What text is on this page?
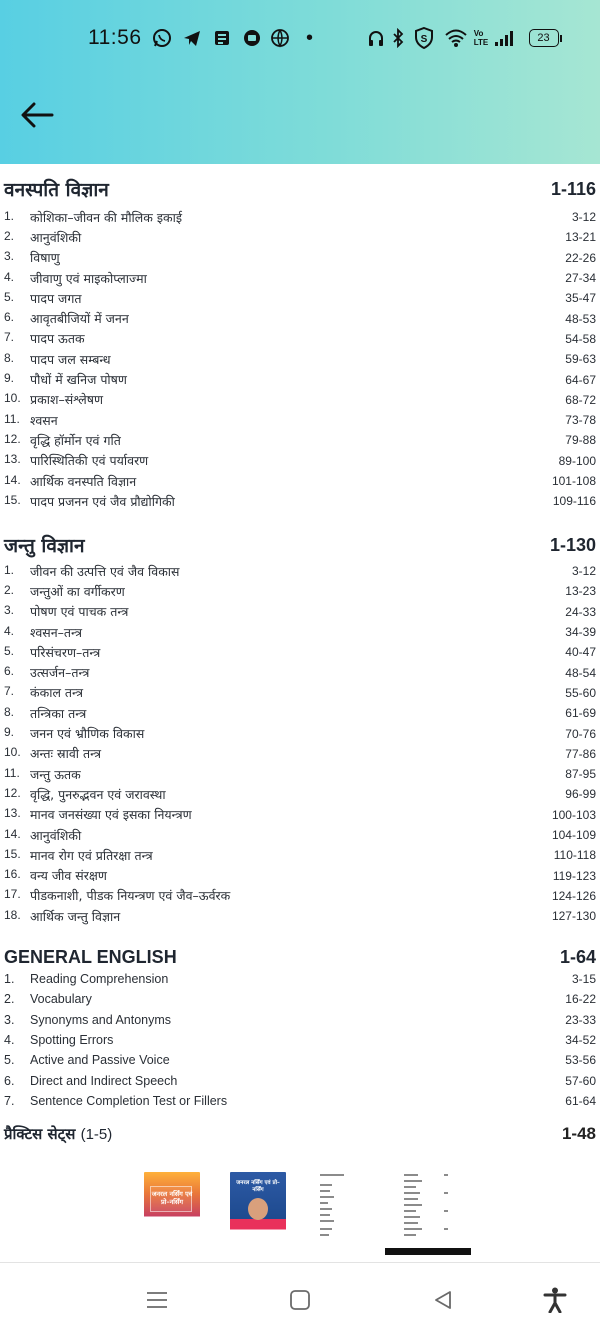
11:56	•	S
Vo LTE	23
वनस्पति विज्ञान	1-116
1.	कोशिका–जीवन की मौलिक इकाई	3-12
2.	आनुवंशिकी	13-21
3.	विषाणु	22-26
4.	जीवाणु एवं माइकोप्लाज्मा	27-34
5.	पादप जगत	35-47
6.	आवृतबीजियों में जनन	48-53
7.	पादप ऊतक	54-58
8.	पादप जल सम्बन्ध	59-63
9.	पौधों में खनिज पोषण	64-67
10. प्रकाश–संश्लेषण	68-72
11. श्वसन	73-78
12. वृद्धि हॉर्मोन एवं गति	79-88
13. पारिस्थितिकी एवं पर्यावरण	89-100
14. आर्थिक वनस्पति विज्ञान	101-108
15. पादप प्रजनन एवं जैव प्रौद्योगिकी	109-116
जन्तु विज्ञान	1-130
1.	जीवन की उत्पत्ति एवं जैव विकास	3-12
2.	जन्तुओं का वर्गीकरण	13-23
3.	पोषण एवं पाचक तन्त्र	24-33
4.	श्वसन–तन्त्र	34-39
5.	परिसंचरण–तन्त्र	40-47
6.	उत्सर्जन–तन्त्र	48-54
7.	कंकाल तन्त्र	55-60
8.	तन्त्रिका तन्त्र	61-69
9.	जनन एवं भ्रौणिक विकास	70-76
10. अन्तः स्रावी तन्त्र	77-86
11. जन्तु ऊतक	87-95
12. वृद्धि, पुनरुद्भवन एवं जरावस्था	96-99
13. मानव जनसंख्या एवं इसका नियन्त्रण	100-103
14. आनुवंशिकी	104-109
15. मानव रोग एवं प्रतिरक्षा तन्त्र	110-118
16. वन्य जीव संरक्षण	119-123
17. पीडकनाशी, पीडक नियन्त्रण एवं जैव–ऊर्वरक	124-126
18. आर्थिक जन्तु विज्ञान	127-130
GENERAL ENGLISH	1-64
1.	Reading Comprehension	3-15
2.	Vocabulary	16-22
3.	Synonyms and Antonyms	23-33
4.	Spotting Errors	34-52
5.	Active and Passive Voice	53-56
6.	Direct and Indirect Speech	57-60
7.	Sentence Completion Test or Fillers	61-64
प्रैक्टिस सेट्स (1-5)	1-48
जनरल नर्सिंग एवं प्रो–नर्सिंग
जनरल नर्सिंग एवं प्रो–नर्सिंग
